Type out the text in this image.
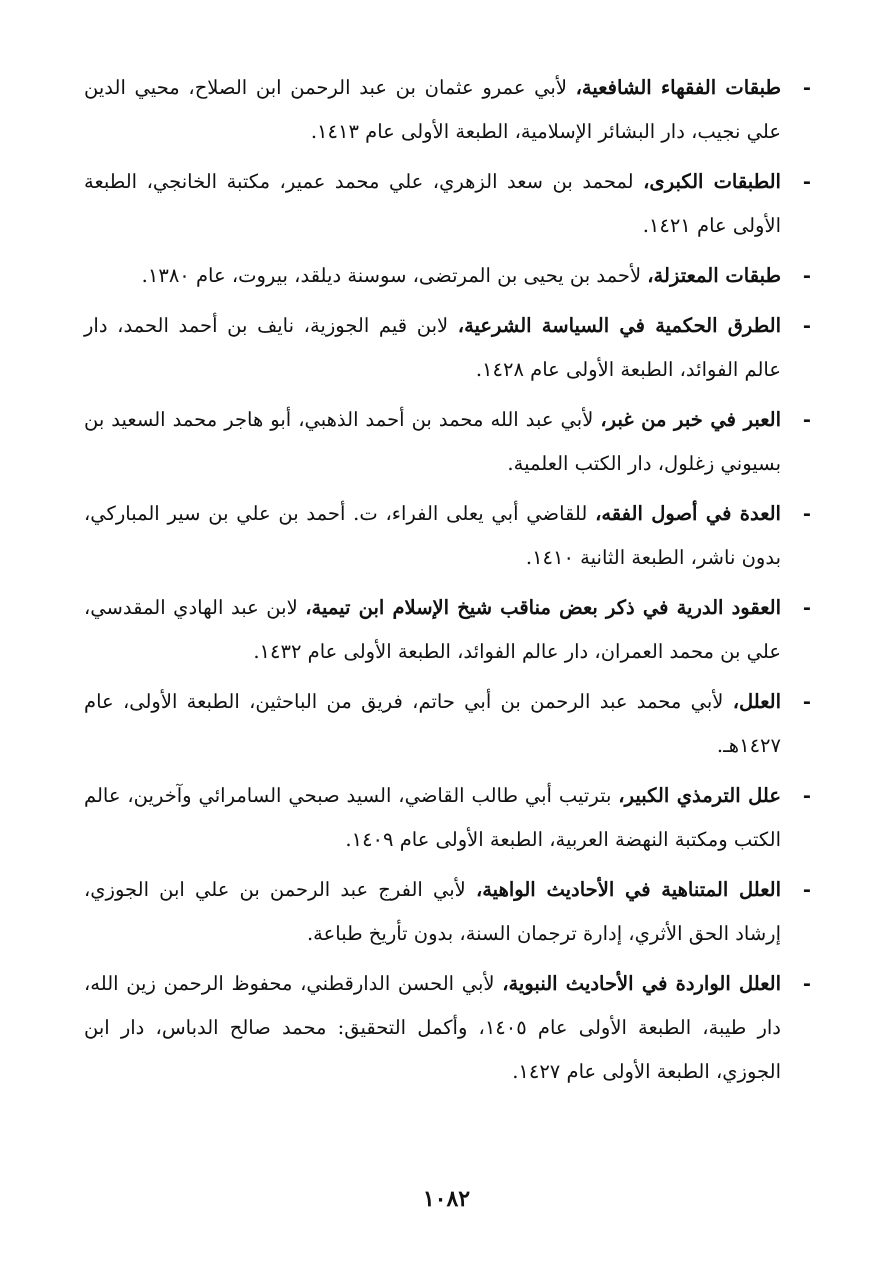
-
طبقات الفقهاء الشافعية، لأبي عمرو عثمان بن عبد الرحمن ابن الصلاح، محيي الدين علي نجيب، دار البشائر الإسلامية، الطبعة الأولى عام ١٤١٣.
-
الطبقات الكبرى، لمحمد بن سعد الزهري، علي محمد عمير، مكتبة الخانجي، الطبعة الأولى عام ١٤٢١.
-
طبقات المعتزلة، لأحمد بن يحيى بن المرتضى، سوسنة ديلقد، بيروت، عام ١٣٨٠.
-
الطرق الحكمية في السياسة الشرعية، لابن قيم الجوزية، نايف بن أحمد الحمد، دار عالم الفوائد، الطبعة الأولى عام ١٤٢٨.
-
العبر في خبر من غبر، لأبي عبد الله محمد بن أحمد الذهبي، أبو هاجر محمد السعيد بن بسيوني زغلول، دار الكتب العلمية.
-
العدة في أصول الفقه، للقاضي أبي يعلى الفراء، ت. أحمد بن علي بن سير المباركي، بدون ناشر، الطبعة الثانية ١٤١٠.
-
العقود الدرية في ذكر بعض مناقب شيخ الإسلام ابن تيمية، لابن عبد الهادي المقدسي، علي بن محمد العمران، دار عالم الفوائد، الطبعة الأولى عام ١٤٣٢.
-
العلل، لأبي محمد عبد الرحمن بن أبي حاتم، فريق من الباحثين، الطبعة الأولى، عام ١٤٢٧هـ.
-
علل الترمذي الكبير، بترتيب أبي طالب القاضي، السيد صبحي السامرائي وآخرين، عالم الكتب ومكتبة النهضة العربية، الطبعة الأولى عام ١٤٠٩.
-
العلل المتناهية في الأحاديث الواهية، لأبي الفرج عبد الرحمن بن علي ابن الجوزي، إرشاد الحق الأثري، إدارة ترجمان السنة، بدون تأريخ طباعة.
-
العلل الواردة في الأحاديث النبوية، لأبي الحسن الدارقطني، محفوظ الرحمن زين الله، دار طيبة، الطبعة الأولى عام ١٤٠٥، وأكمل التحقيق: محمد صالح الدباس، دار ابن الجوزي، الطبعة الأولى عام ١٤٢٧.
١٠٨٢
